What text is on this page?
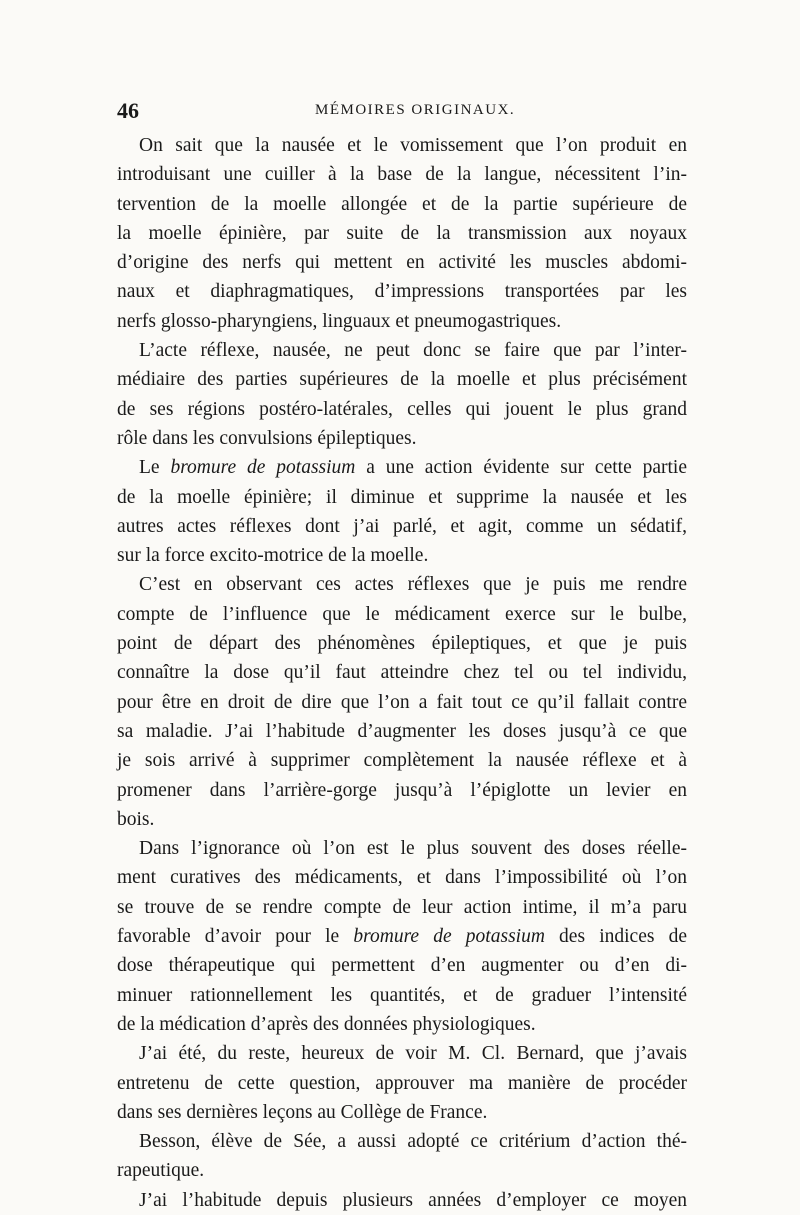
46	MÉMOIRES ORIGINAUX.
On sait que la nausée et le vomissement que l’on produit en
introduisant une cuiller à la base de la langue, nécessitent l’in-
tervention de la moelle allongée et de la partie supérieure de
la moelle épinière, par suite de la transmission aux noyaux
d’origine des nerfs qui mettent en activité les muscles abdomi-
naux et diaphragmatiques, d’impressions transportées par les
nerfs glosso-pharyngiens, linguaux et pneumogastriques.
L’acte réflexe, nausée, ne peut donc se faire que par l’inter-
médiaire des parties supérieures de la moelle et plus précisément
de ses régions postéro-latérales, celles qui jouent le plus grand
rôle dans les convulsions épileptiques.
Le bromure de potassium a une action évidente sur cette partie
de la moelle épinière; il diminue et supprime la nausée et les
autres actes réflexes dont j’ai parlé, et agit, comme un sédatif,
sur la force excito-motrice de la moelle.
C’est en observant ces actes réflexes que je puis me rendre
compte de l’influence que le médicament exerce sur le bulbe,
point de départ des phénomènes épileptiques, et que je puis
connaître la dose qu’il faut atteindre chez tel ou tel individu,
pour être en droit de dire que l’on a fait tout ce qu’il fallait contre
sa maladie. J’ai l’habitude d’augmenter les doses jusqu’à ce que
je sois arrivé à supprimer complètement la nausée réflexe et à
promener dans l’arrière-gorge jusqu’à l’épiglotte un levier en
bois.
Dans l’ignorance où l’on est le plus souvent des doses réelle-
ment curatives des médicaments, et dans l’impossibilité où l’on
se trouve de se rendre compte de leur action intime, il m’a paru
favorable d’avoir pour le bromure de potassium des indices de
dose thérapeutique qui permettent d’en augmenter ou d’en di-
minuer rationnellement les quantités, et de graduer l’intensité
de la médication d’après des données physiologiques.
J’ai été, du reste, heureux de voir M. Cl. Bernard, que j’avais
entretenu de cette question, approuver ma manière de procéder
dans ses dernières leçons au Collège de France.
Besson, élève de Sée, a aussi adopté ce critérium d’action thé-
rapeutique.
J’ai l’habitude depuis plusieurs années d’employer ce moyen
